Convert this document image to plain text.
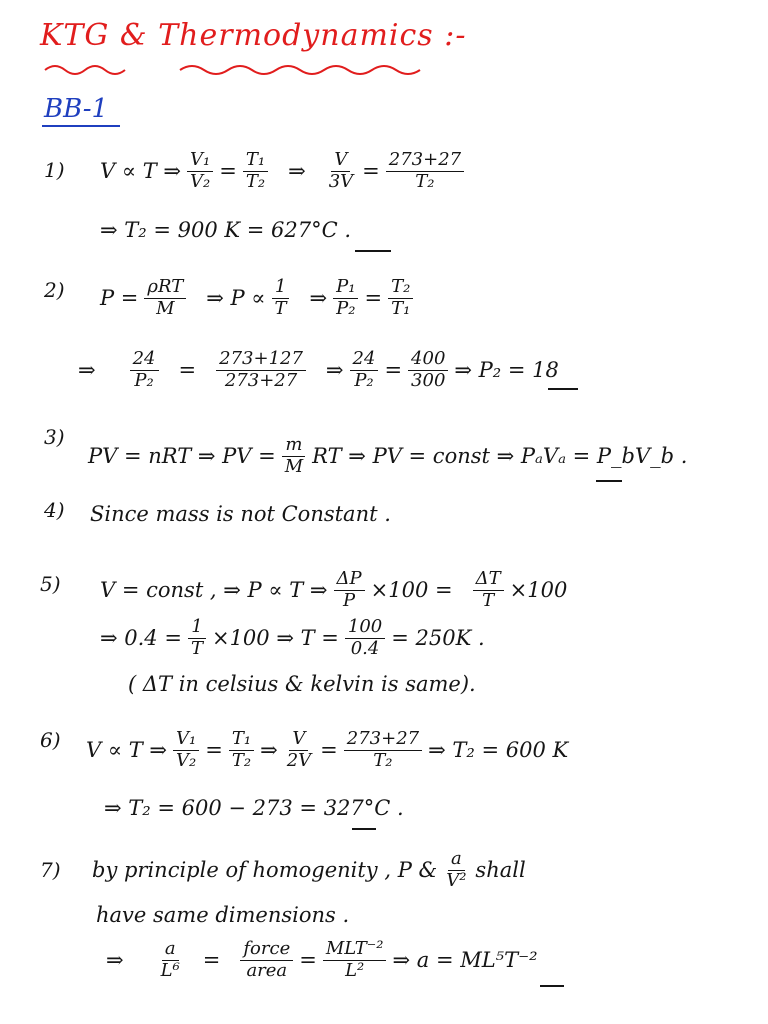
KTG & Thermodynamics :-
BB-1
1) V ∝ T ⇒ $\frac{\text{V₁}}{\text{V₂}} = \frac{\text{T₁}}{\text{T₂}}$ ⇒ $\frac{V}{3V} = \frac{273+27}{\text{T₂}}$
⇒ T₂ = 900 K = 627°C .
2) $P = \frac{\text{ρRT}}{M}$ ⇒ $P \propto \frac{1}{T}$ ⇒ $\frac{\text{P₁}}{\text{P₂}} = \frac{\text{T₂}}{\text{T₁}}$
⇒ $\frac{24}{\text{P₂}} = \frac{273+127}{273+27}$ ⇒ $\frac{24}{\text{P₂}} = \frac{400}{300}$ ⇒ P₂ = 18
3)
PV = nRT ⇒ PV = $\frac{m}{M}$ RT ⇒ PV = const ⇒ PₐVₐ = P_bV_b .
4) Since mass is not Constant .
5) V = const , ⇒ P ∝ T ⇒ $\frac{\Delta P}{P} \times 100 = \frac{\Delta T}{T} \times 100$
⇒ $0.4 = \frac{1}{T} \times 100$ ⇒ $T = \frac{100}{0.4} = 250K$ .
( ΔT in celsius & kelvin is same).
6) V ∝ T ⇒ $\frac{\text{V₁}}{\text{V₂}} = \frac{\text{T₁}}{\text{T₂}}$ ⇒ $\frac{V}{2V} = \frac{273+27}{\text{T₂}}$ ⇒ T₂ = 600 K
⇒ T₂ = 600 − 273 = 327°C .
7) by principle of homogenity , P & $\frac{a}{\text{V²}}$ shall
have same dimensions .
⇒ $\frac{a}{\text{L⁶}} = \frac{\text{force}}{\text{area}} = \frac{\text{MLT⁻²}}{\text{L²}}$ ⇒ a = ML⁵T⁻²
